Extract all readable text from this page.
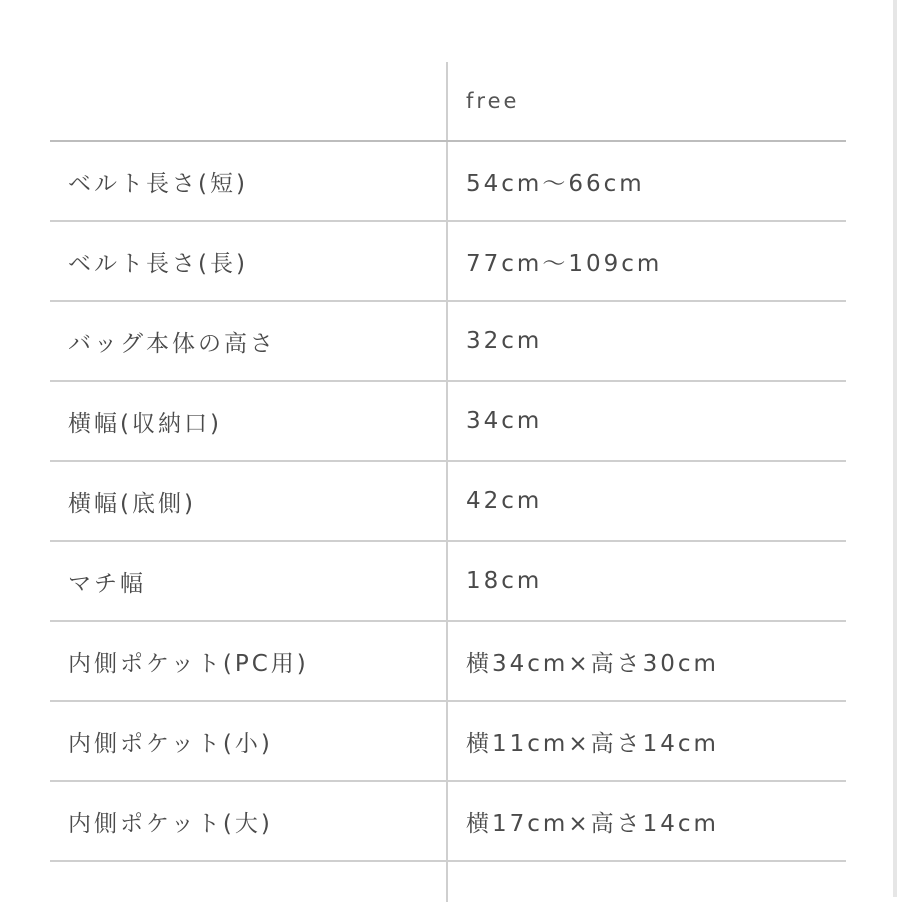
	free
ベルト長さ(短)	54cm〜66cm
ベルト長さ(長)	77cm〜109cm
バッグ本体の高さ	32cm
横幅(収納口)	34cm
横幅(底側)	42cm
マチ幅	18cm
内側ポケット(PC用)	横34cm×高さ30cm
内側ポケット(小)	横11cm×高さ14cm
内側ポケット(大)	横17cm×高さ14cm
